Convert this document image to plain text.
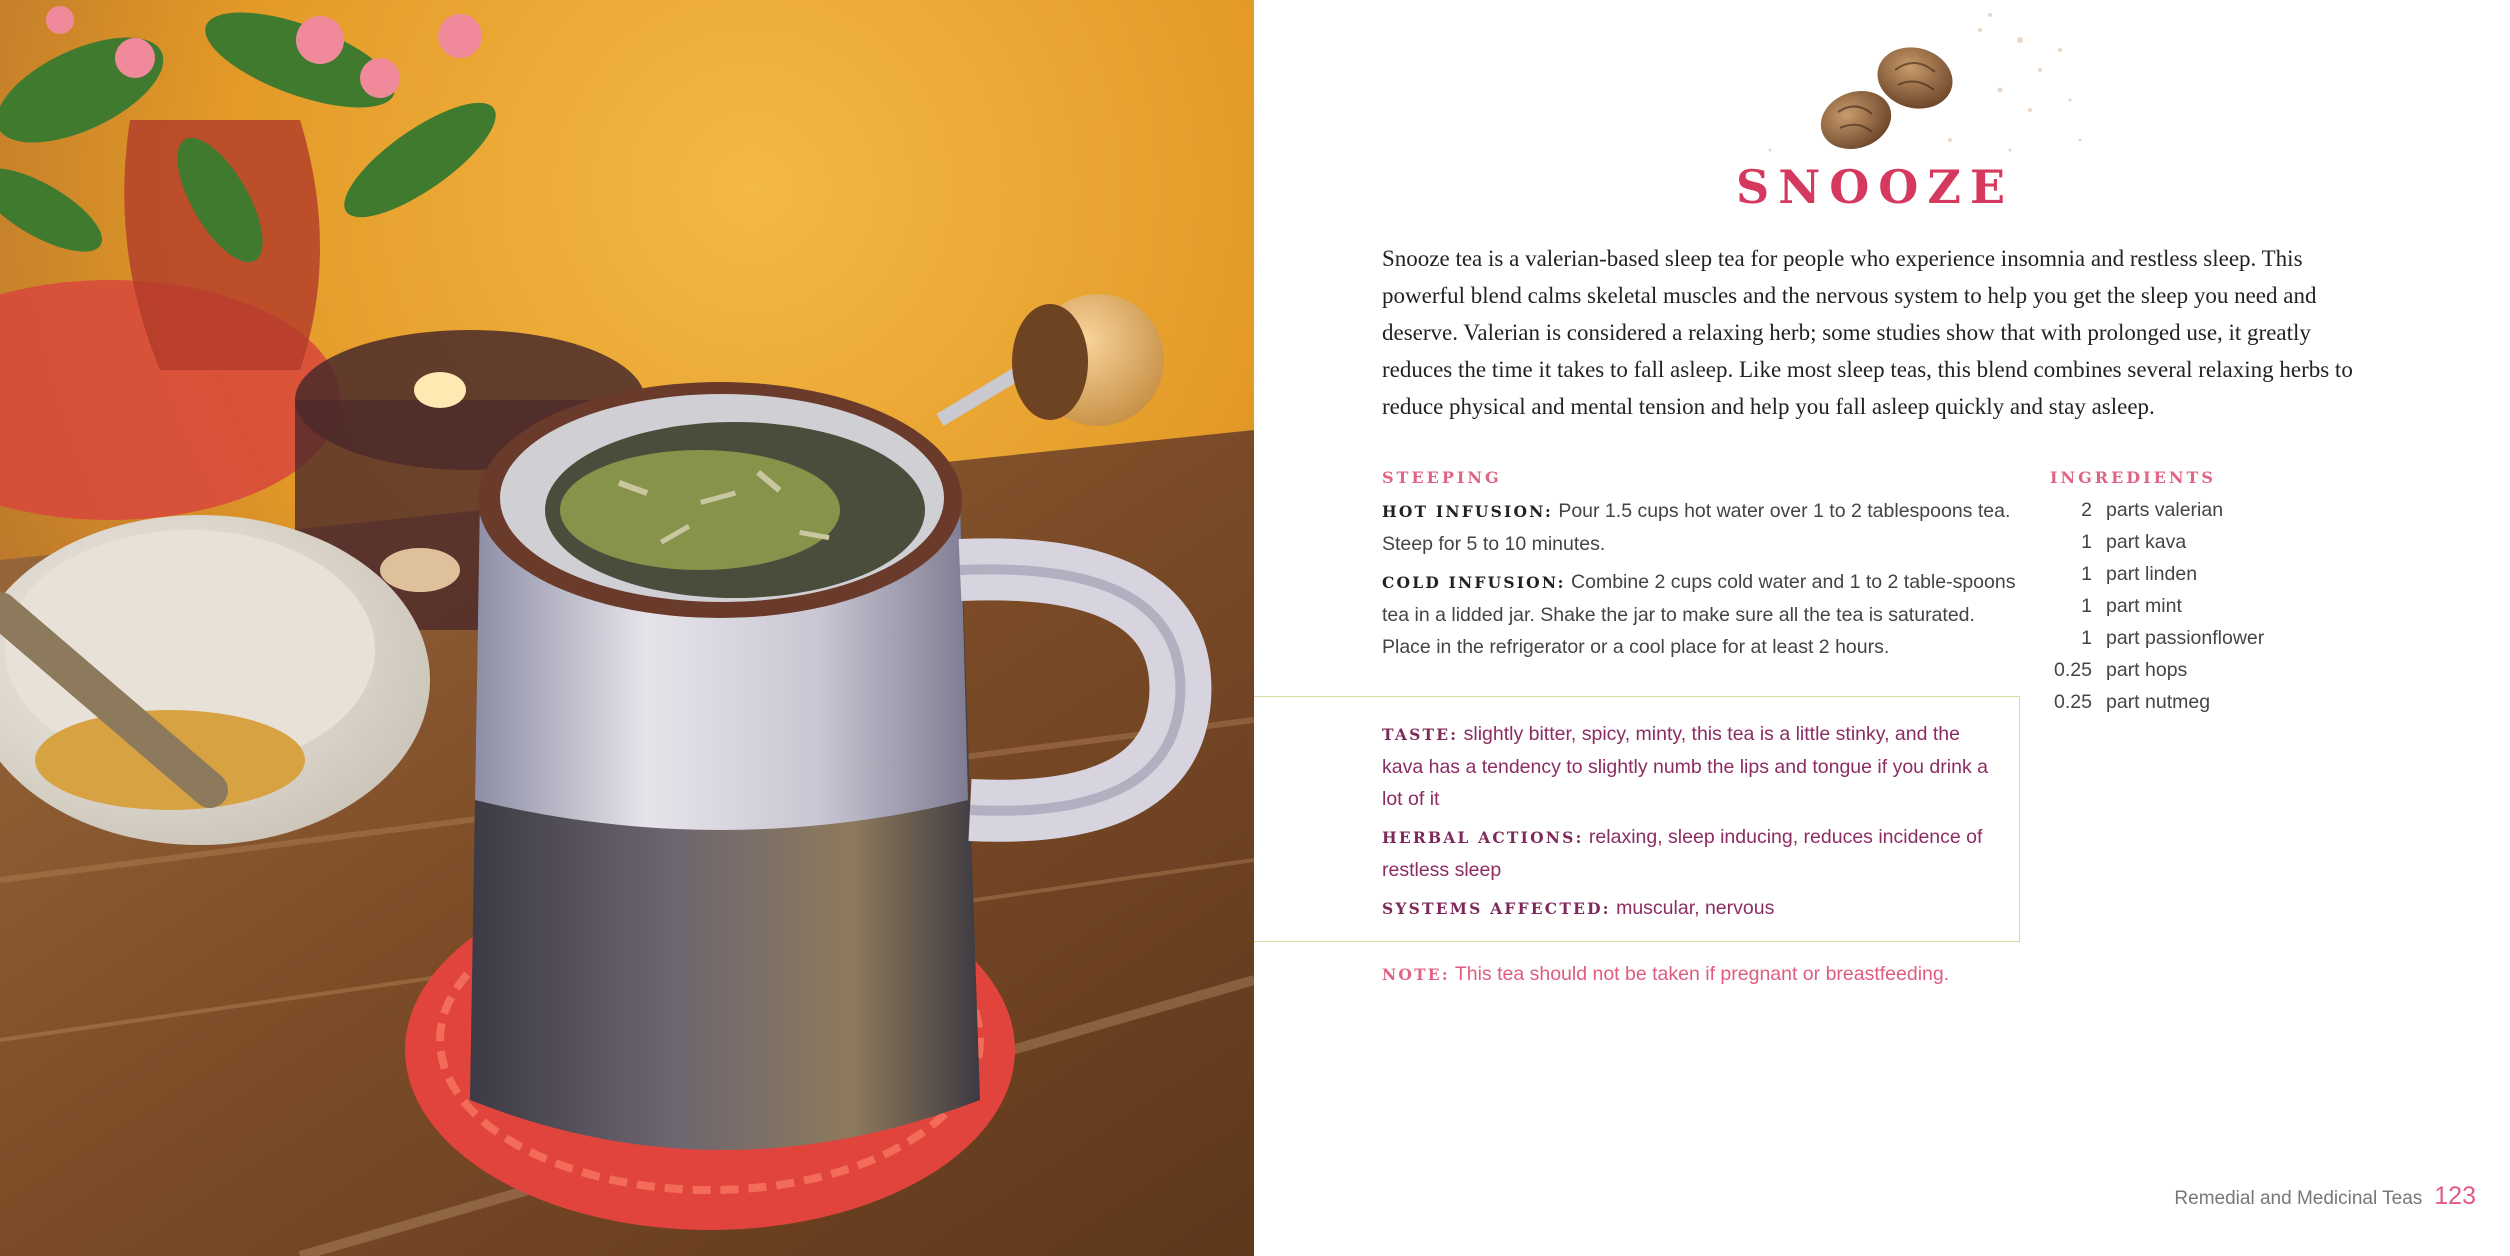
SNOOZE
Snooze tea is a valerian-based sleep tea for people who experience insomnia and restless sleep. This powerful blend calms skeletal muscles and the nervous system to help you get the sleep you need and deserve. Valerian is considered a relaxing herb; some studies show that with prolonged use, it greatly reduces the time it takes to fall asleep. Like most sleep teas, this blend combines several relaxing herbs to reduce physical and mental tension and help you fall asleep quickly and stay asleep.
STEEPING
HOT INFUSION: Pour 1.5 cups hot water over 1 to 2 tablespoons tea. Steep for 5 to 10 minutes.
COLD INFUSION: Combine 2 cups cold water and 1 to 2 table-spoons tea in a lidded jar. Shake the jar to make sure all the tea is saturated. Place in the refrigerator or a cool place for at least 2 hours.
INGREDIENTS
2 parts valerian
1 part kava
1 part linden
1 part mint
1 part passionflower
0.25 part hops
0.25 part nutmeg
TASTE: slightly bitter, spicy, minty, this tea is a little stinky, and the kava has a tendency to slightly numb the lips and tongue if you drink a lot of it
HERBAL ACTIONS: relaxing, sleep inducing, reduces incidence of restless sleep
SYSTEMS AFFECTED: muscular, nervous
NOTE: This tea should not be taken if pregnant or breastfeeding.
Remedial and Medicinal Teas 123
